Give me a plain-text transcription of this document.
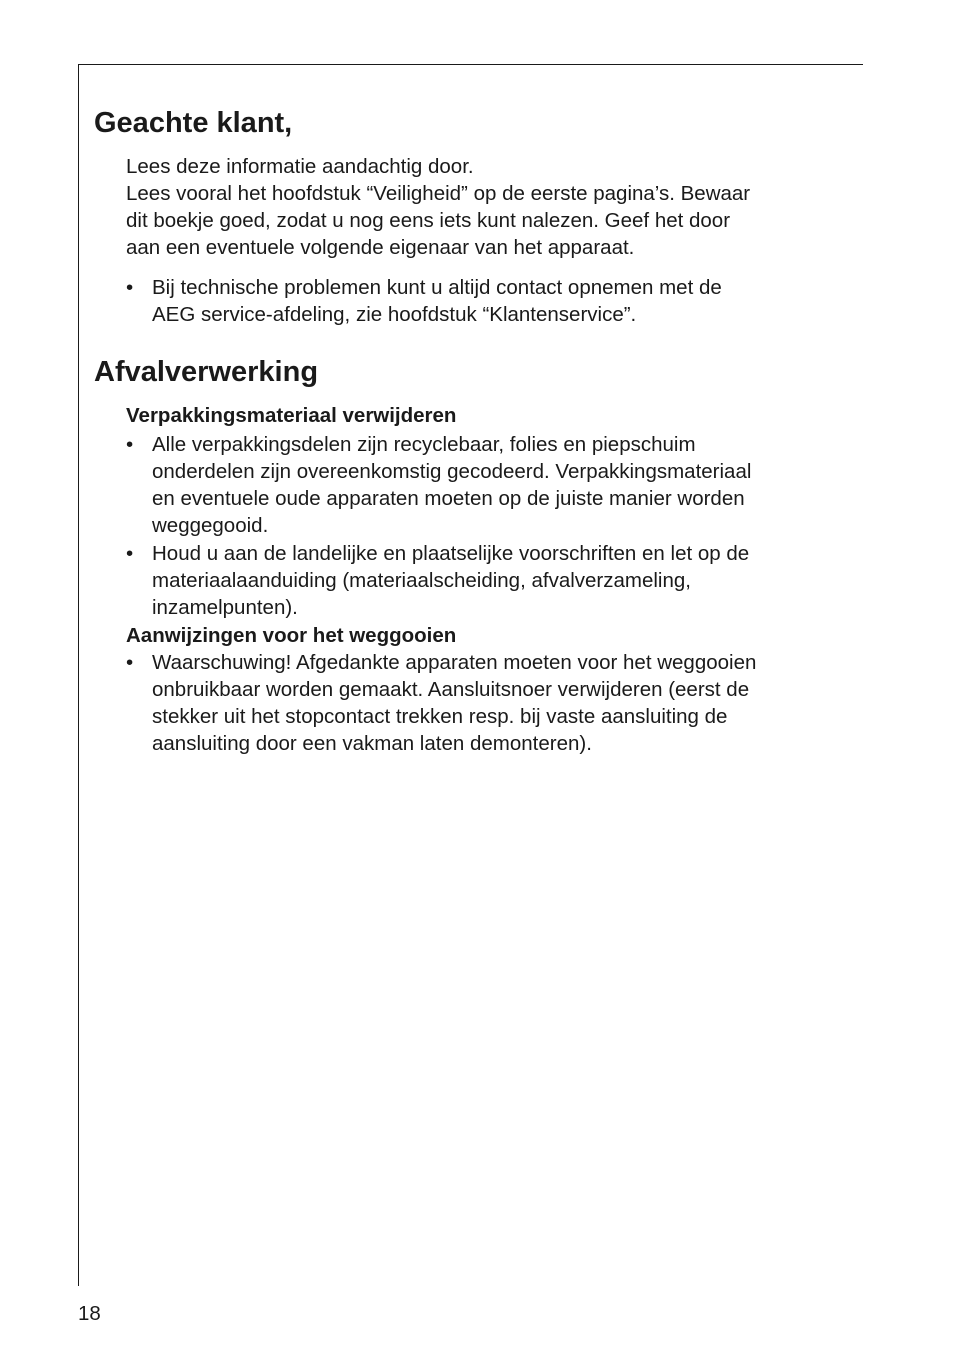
Geachte klant,

Lees deze informatie aandachtig door.
Lees vooral het hoofdstuk “Veiligheid” op de eerste pagina’s. Bewaar
dit boekje goed, zodat u nog eens iets kunt nalezen. Geef het door
aan een eventuele volgende eigenaar van het apparaat.

• Bij technische problemen kunt u altijd contact opnemen met de
AEG service-afdeling, zie hoofdstuk “Klantenservice”.

Afvalverwerking

Verpakkingsmateriaal verwijderen

• Alle verpakkingsdelen zijn recyclebaar, folies en piepschuim
onderdelen zijn overeenkomstig gecodeerd. Verpakkingsmateriaal
en eventuele oude apparaten moeten op de juiste manier worden
weggegooid.

• Houd u aan de landelijke en plaatselijke voorschriften en let op de
materiaalaanduiding (materiaalscheiding, afvalverzameling,
inzamelpunten).

Aanwijzingen voor het weggooien

• Waarschuwing! Afgedankte apparaten moeten voor het weggooien
onbruikbaar worden gemaakt. Aansluitsnoer verwijderen (eerst de
stekker uit het stopcontact trekken resp. bij vaste aansluiting de
aansluiting door een vakman laten demonteren).

18
